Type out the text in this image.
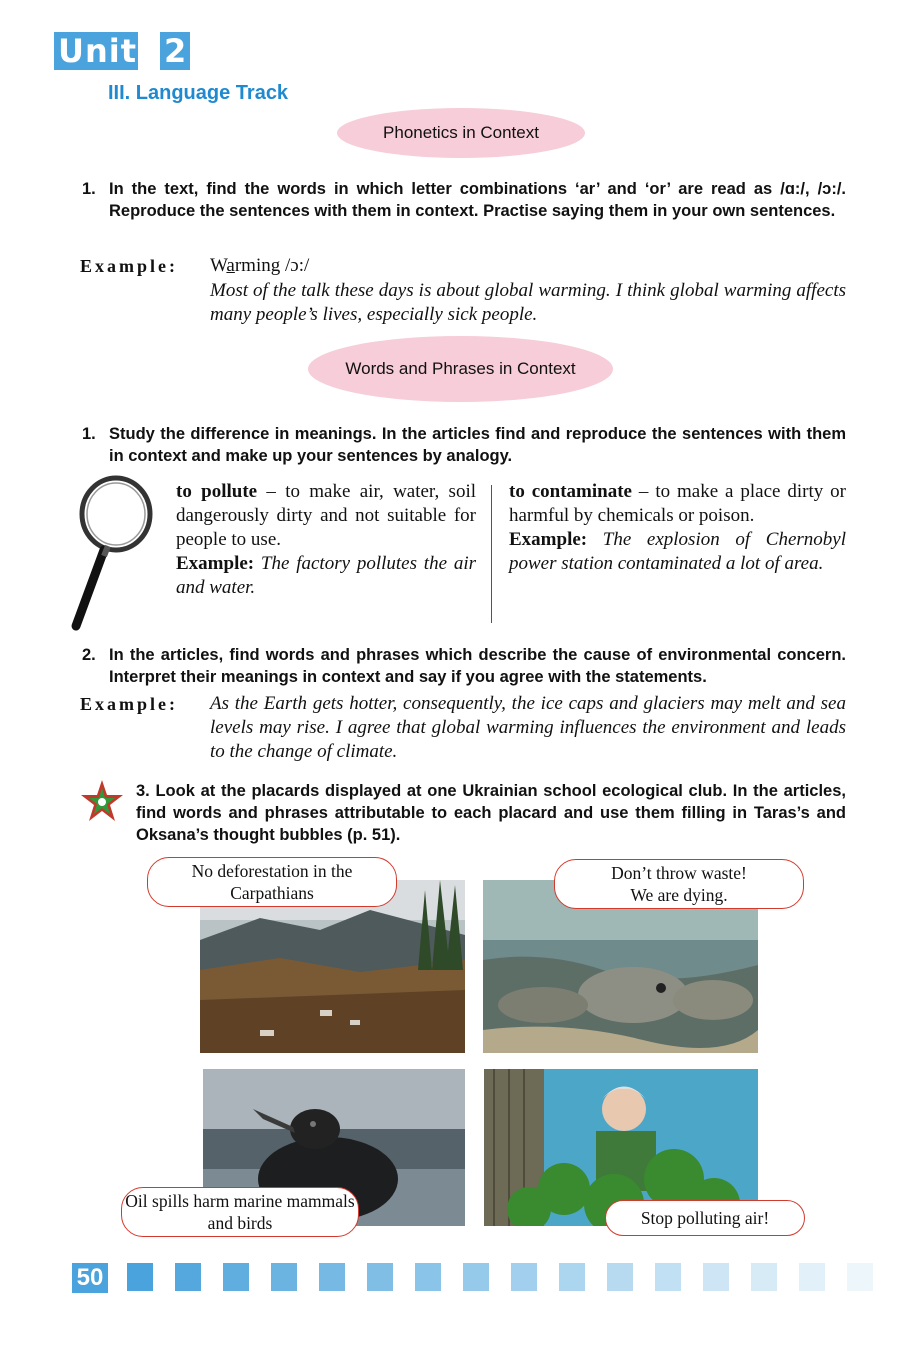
Unit 2
III. Language Track
Phonetics in Context
1. In the text, find the words in which letter combinations ‘ar’ and ‘or’ are read as /ɑ:/, /ɔ:/. Reproduce the sentences with them in context. Practise saying them in your own sentences.
Example: Warming /ɔ:/
Most of the talk these days is about global warming. I think global warming affects many people’s lives, especially sick people.
Words and Phrases in Context
1. Study the difference in meanings. In the articles find and reproduce the sentences with them in context and make up your sentences by analogy.
to pollute – to make air, water, soil dangerously dirty and not suitable for people to use.
Example: The factory pollutes the air and water.
to contaminate – to make a place dirty or harmful by chemicals or poison.
Example: The explosion of Chernobyl power station contaminated a lot of area.
2. In the articles, find words and phrases which describe the cause of environmental concern. Interpret their meanings in context and say if you agree with the statements.
Example: As the Earth gets hotter, consequently, the ice caps and glaciers may melt and sea levels may rise. I agree that global warming influences the environment and leads to the change of climate.
3. Look at the placards displayed at one Ukrainian school ecological club. In the articles, find words and phrases attributable to each placard and use them filling in Taras’s and Oksana’s thought bubbles (p. 51).
No deforestation in the Carpathians
Don’t throw waste!
We are dying.
Oil spills harm marine mammals and birds	Stop polluting air!
50
